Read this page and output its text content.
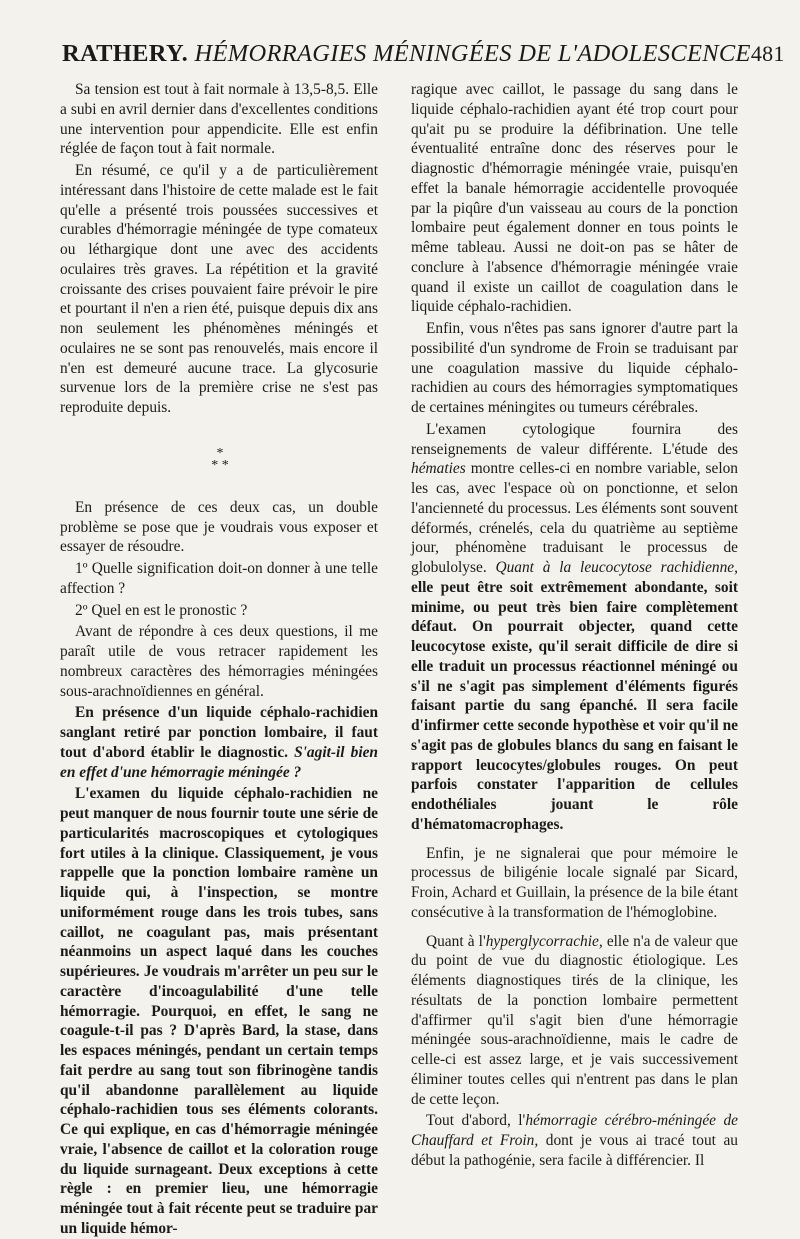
RATHERY. HÉMORRAGIES MÉNINGÉES DE L'ADOLESCENCE 481

Sa tension est tout à fait normale à 13,5-8,5. Elle a subi en avril dernier dans d'excellentes conditions une intervention pour appendicite. Elle est enfin réglée de façon tout à fait normale.

En résumé, ce qu'il y a de particulièrement intéressant dans l'histoire de cette malade est le fait qu'elle a présenté trois poussées successives et curables d'hémorragie méningée de type comateux ou léthargique dont une avec des accidents oculaires très graves. La répétition et la gravité croissante des crises pouvaient faire prévoir le pire et pourtant il n'en a rien été, puisque depuis dix ans non seulement les phénomènes méningés et oculaires ne se sont pas renouvelés, mais encore il n'en est demeuré aucune trace. La glycosurie survenue lors de la première crise ne s'est pas reproduite depuis.

*
* *

En présence de ces deux cas, un double problème se pose que je voudrais vous exposer et essayer de résoudre.

1º Quelle signification doit-on donner à une telle affection ?

2º Quel en est le pronostic ?

Avant de répondre à ces deux questions, il me paraît utile de vous retracer rapidement les nombreux caractères des hémorragies méningées sous-arachnoïdiennes en général.

En présence d'un liquide céphalo-rachidien sanglant retiré par ponction lombaire, il faut tout d'abord établir le diagnostic. S'agit-il bien en effet d'une hémorragie méningée ?

L'examen du liquide céphalo-rachidien ne peut manquer de nous fournir toute une série de particularités macroscopiques et cytologiques fort utiles à la clinique. Classiquement, je vous rappelle que la ponction lombaire ramène un liquide qui, à l'inspection, se montre uniformément rouge dans les trois tubes, sans caillot, ne coagulant pas, mais présentant néanmoins un aspect laqué dans les couches supérieures. Je voudrais m'arrêter un peu sur le caractère d'incoagulabilité d'une telle hémorragie. Pourquoi, en effet, le sang ne coagule-t-il pas ? D'après Bard, la stase, dans les espaces méningés, pendant un certain temps fait perdre au sang tout son fibrinogène tandis qu'il abandonne parallèlement au liquide céphalo-rachidien tous ses éléments colorants. Ce qui explique, en cas d'hémorragie méningée vraie, l'absence de caillot et la coloration rouge du liquide surnageant. Deux exceptions à cette règle : en premier lieu, une hémorragie méningée tout à fait récente peut se traduire par un liquide hémor-

ragique avec caillot, le passage du sang dans le liquide céphalo-rachidien ayant été trop court pour qu'ait pu se produire la défibrination. Une telle éventualité entraîne donc des réserves pour le diagnostic d'hémorragie méningée vraie, puisqu'en effet la banale hémorragie accidentelle provoquée par la piqûre d'un vaisseau au cours de la ponction lombaire peut également donner en tous points le même tableau. Aussi ne doit-on pas se hâter de conclure à l'absence d'hémorragie méningée vraie quand il existe un caillot de coagulation dans le liquide céphalo-rachidien.

Enfin, vous n'êtes pas sans ignorer d'autre part la possibilité d'un syndrome de Froin se traduisant par une coagulation massive du liquide céphalo-rachidien au cours des hémorragies symptomatiques de certaines méningites ou tumeurs cérébrales.

L'examen cytologique fournira des renseignements de valeur différente. L'étude des hématies montre celles-ci en nombre variable, selon les cas, avec l'espace où on ponctionne, et selon l'ancienneté du processus. Les éléments sont souvent déformés, crénelés, cela du quatrième au septième jour, phénomène traduisant le processus de globulolyse. Quant à la leucocytose rachidienne, elle peut être soit extrêmement abondante, soit minime, ou peut très bien faire complètement défaut. On pourrait objecter, quand cette leucocytose existe, qu'il serait difficile de dire si elle traduit un processus réactionnel méningé ou s'il ne s'agit pas simplement d'éléments figurés faisant partie du sang épanché. Il sera facile d'infirmer cette seconde hypothèse et voir qu'il ne s'agit pas de globules blancs du sang en faisant le rapport leucocytes/globules rouges. On peut parfois constater l'apparition de cellules endothéliales jouant le rôle d'hématomacrophages.

Enfin, je ne signalerai que pour mémoire le processus de biligénie locale signalé par Sicard, Froin, Achard et Guillain, la présence de la bile étant consécutive à la transformation de l'hémoglobine.

Quant à l'hyperglycorrachie, elle n'a de valeur que du point de vue du diagnostic étiologique. Les éléments diagnostiques tirés de la clinique, les résultats de la ponction lombaire permettent d'affirmer qu'il s'agit bien d'une hémorragie méningée sous-arachnoïdienne, mais le cadre de celle-ci est assez large, et je vais successivement éliminer toutes celles qui n'entrent pas dans le plan de cette leçon.

Tout d'abord, l'hémorragie cérébro-méningée de Chauffard et Froin, dont je vous ai tracé tout au début la pathogénie, sera facile à différencier. Il
